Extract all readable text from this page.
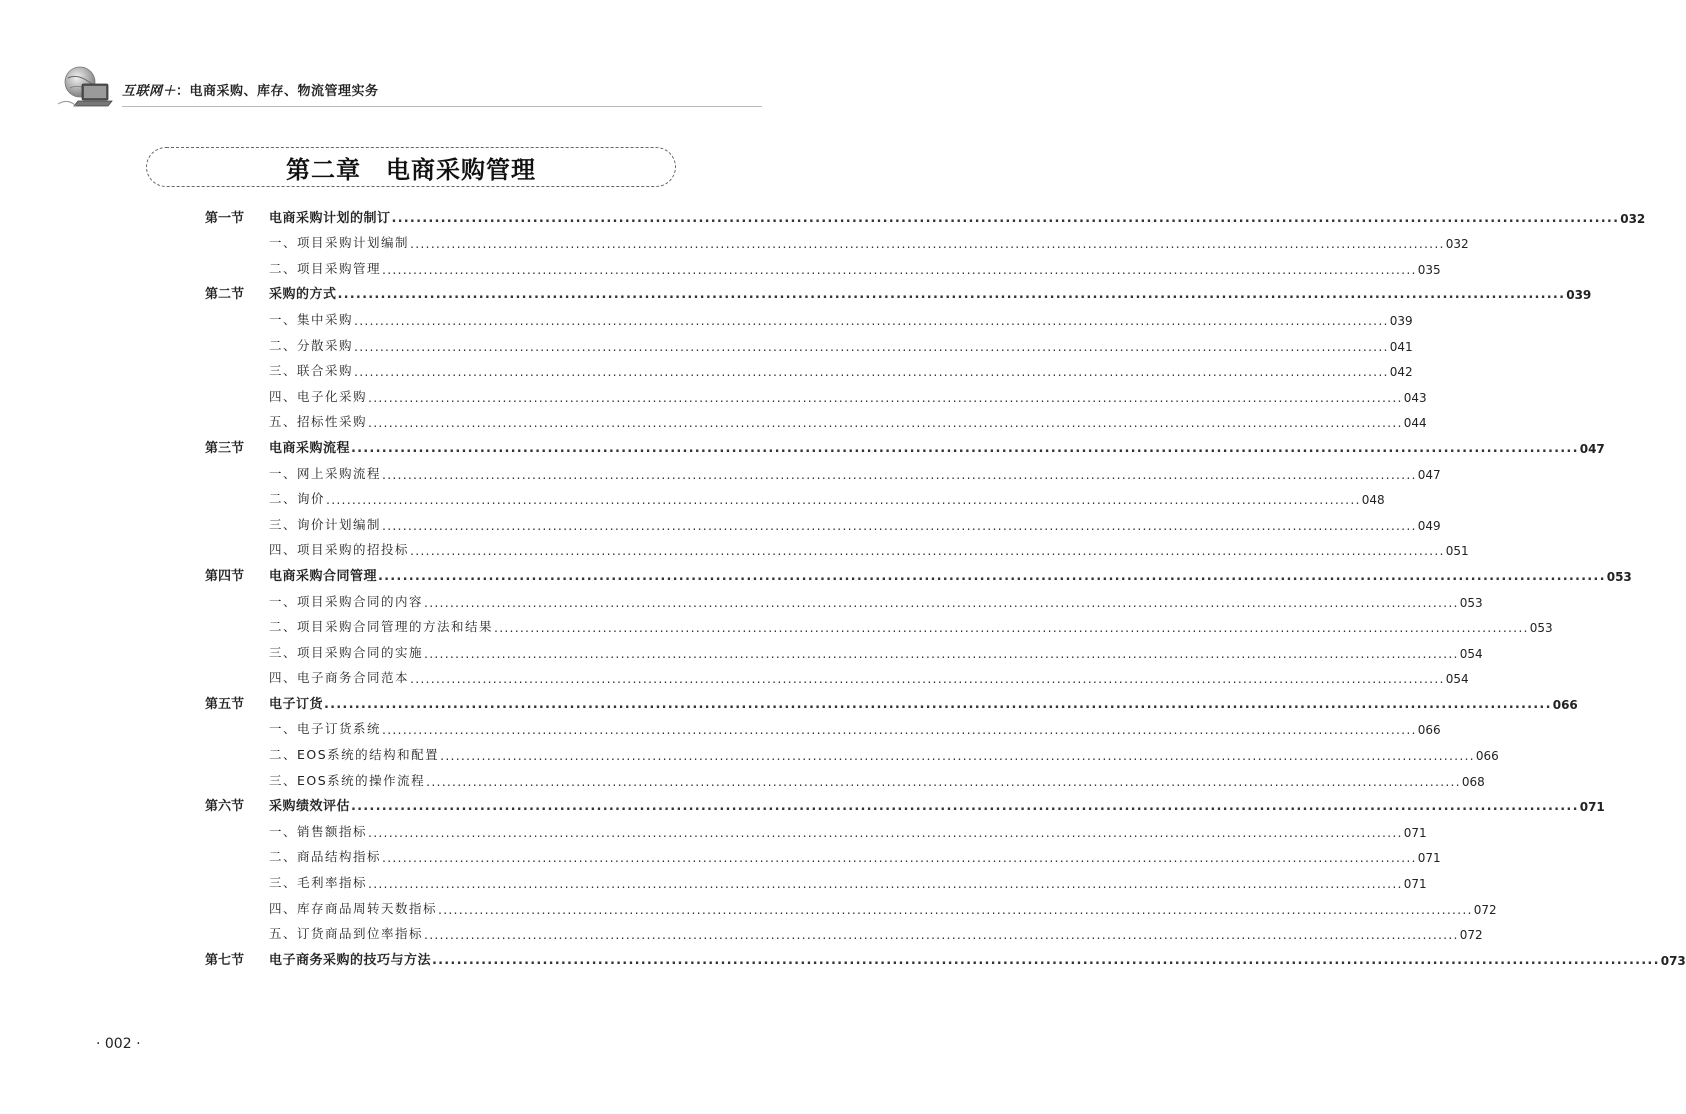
互联网＋：电商采购、库存、物流管理实务
第二章　电商采购管理
第一节	电商采购计划的制订 ........................................................................................................................................................................................................ 032
一、项目采购计划编制 ........................................................................................................................................................................................................ 032
二、项目采购管理 ........................................................................................................................................................................................................ 035
第二节	采购的方式 ........................................................................................................................................................................................................ 039
一、集中采购 ........................................................................................................................................................................................................ 039
二、分散采购 ........................................................................................................................................................................................................ 041
三、联合采购 ........................................................................................................................................................................................................ 042
四、电子化采购 ........................................................................................................................................................................................................ 043
五、招标性采购 ........................................................................................................................................................................................................ 044
第三节	电商采购流程 ........................................................................................................................................................................................................ 047
一、网上采购流程 ........................................................................................................................................................................................................ 047
二、询价 ........................................................................................................................................................................................................ 048
三、询价计划编制 ........................................................................................................................................................................................................ 049
四、项目采购的招投标 ........................................................................................................................................................................................................ 051
第四节	电商采购合同管理 ........................................................................................................................................................................................................ 053
一、项目采购合同的内容 ........................................................................................................................................................................................................ 053
二、项目采购合同管理的方法和结果 ........................................................................................................................................................................................................ 053
三、项目采购合同的实施 ........................................................................................................................................................................................................ 054
四、电子商务合同范本 ........................................................................................................................................................................................................ 054
第五节	电子订货 ........................................................................................................................................................................................................ 066
一、电子订货系统 ........................................................................................................................................................................................................ 066
二、EOS系统的结构和配置 ........................................................................................................................................................................................................ 066
三、EOS系统的操作流程 ........................................................................................................................................................................................................ 068
第六节	采购绩效评估 ........................................................................................................................................................................................................ 071
一、销售额指标 ........................................................................................................................................................................................................ 071
二、商品结构指标 ........................................................................................................................................................................................................ 071
三、毛利率指标 ........................................................................................................................................................................................................ 071
四、库存商品周转天数指标 ........................................................................................................................................................................................................ 072
五、订货商品到位率指标 ........................................................................................................................................................................................................ 072
第七节	电子商务采购的技巧与方法 ........................................................................................................................................................................................................ 073
· 002 ·
